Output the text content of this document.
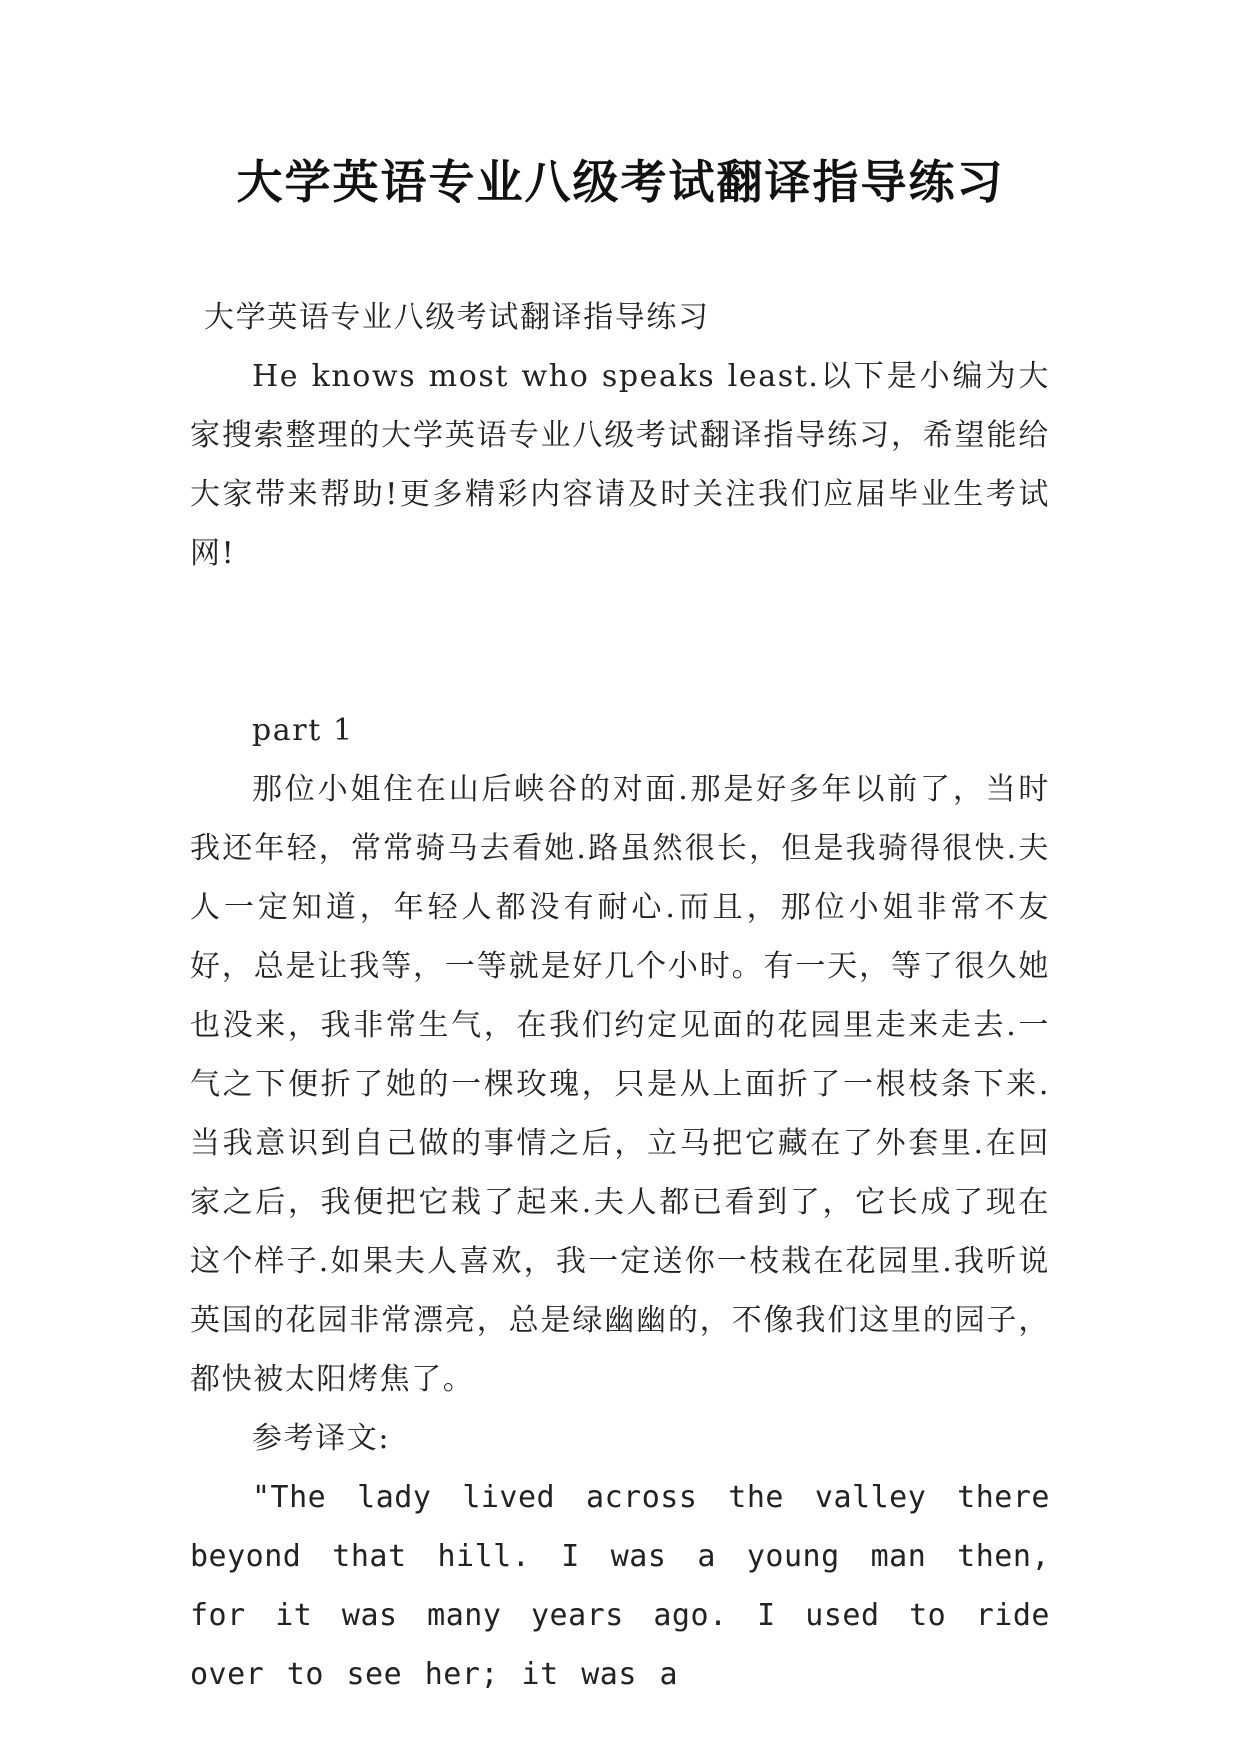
大学英语专业八级考试翻译指导练习

大学英语专业八级考试翻译指导练习

He knows most who speaks least.以下是小编为大家搜索整理的大学英语专业八级考试翻译指导练习，希望能给大家带来帮助!更多精彩内容请及时关注我们应届毕业生考试网!

part 1

那位小姐住在山后峡谷的对面.那是好多年以前了，当时我还年轻，常常骑马去看她.路虽然很长，但是我骑得很快.夫人一定知道，年轻人都没有耐心.而且，那位小姐非常不友好，总是让我等，一等就是好几个小时。有一天，等了很久她也没来，我非常生气，在我们约定见面的花园里走来走去.一气之下便折了她的一棵玫瑰，只是从上面折了一根枝条下来.当我意识到自己做的事情之后，立马把它藏在了外套里.在回家之后，我便把它栽了起来.夫人都已看到了，它长成了现在这个样子.如果夫人喜欢，我一定送你一枝栽在花园里.我听说英国的花园非常漂亮，总是绿幽幽的，不像我们这里的园子，都快被太阳烤焦了。

参考译文:

"The lady lived across the valley there beyond that hill. I was a young man then, for it was many years ago. I used to ride over to see her; it was a
